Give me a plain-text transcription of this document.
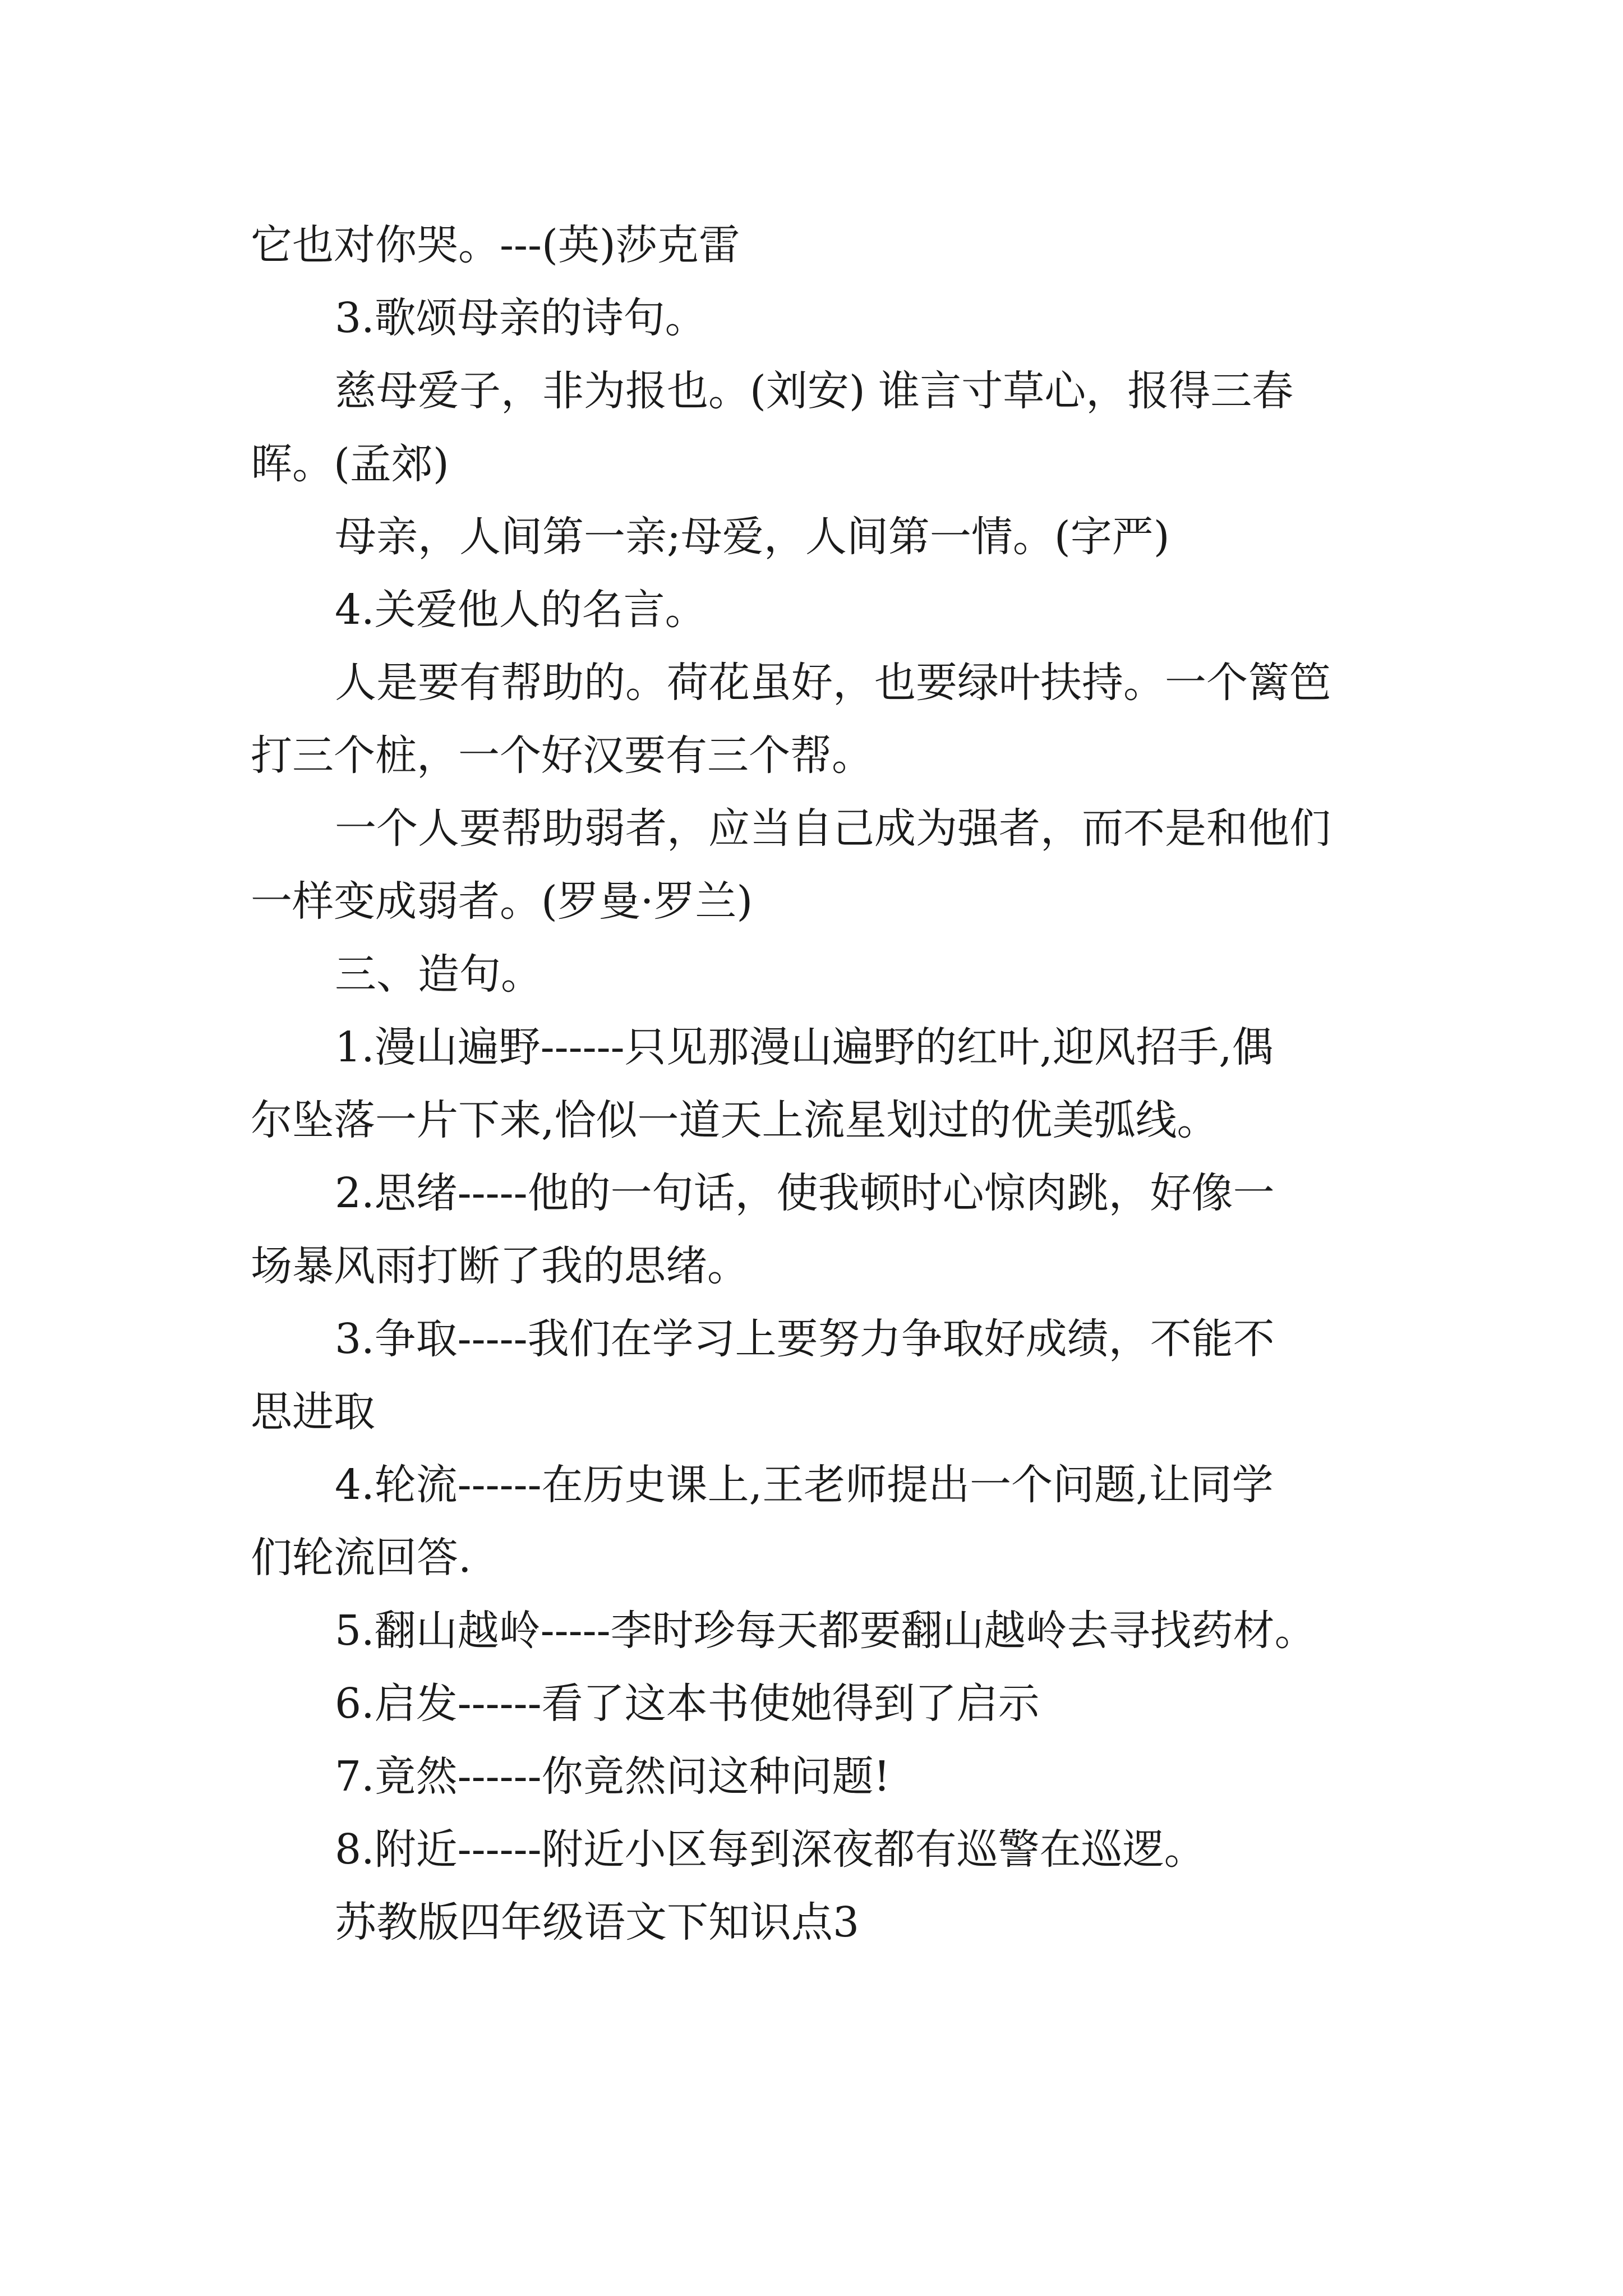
它也对你哭。---(英)莎克雷

3.歌颂母亲的诗句。

慈母爱子，非为报也。(刘安) 谁言寸草心，报得三春

晖。(孟郊)

母亲，人间第一亲;母爱，人间第一情。(字严)

4.关爱他人的名言。

人是要有帮助的。荷花虽好，也要绿叶扶持。一个篱笆

打三个桩，一个好汉要有三个帮。

一个人要帮助弱者，应当自己成为强者，而不是和他们

一样变成弱者。(罗曼·罗兰)

三、造句。

1.漫山遍野------只见那漫山遍野的红叶,迎风招手,偶

尔坠落一片下来,恰似一道天上流星划过的优美弧线。

2.思绪-----他的一句话，使我顿时心惊肉跳，好像一

场暴风雨打断了我的思绪。

3.争取-----我们在学习上要努力争取好成绩，不能不

思进取

4.轮流------在历史课上,王老师提出一个问题,让同学

们轮流回答.

5.翻山越岭-----李时珍每天都要翻山越岭去寻找药材。

6.启发------看了这本书使她得到了启示

7.竟然------你竟然问这种问题!

8.附近------附近小区每到深夜都有巡警在巡逻。

苏教版四年级语文下知识点3
